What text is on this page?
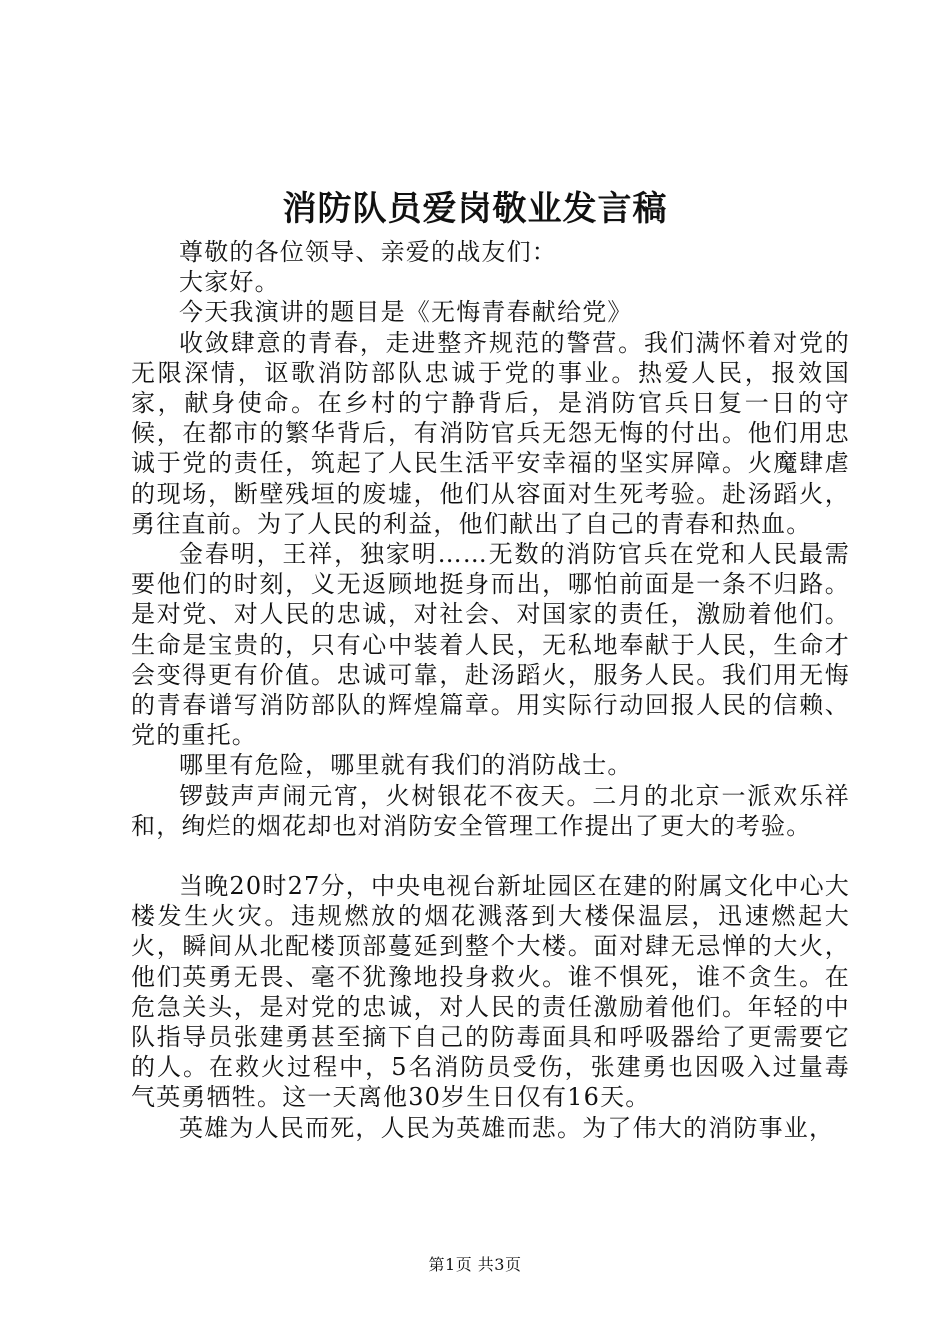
消防队员爱岗敬业发言稿

尊敬的各位领导、亲爱的战友们：

大家好。

今天我演讲的题目是《无悔青春献给党》

收敛肆意的青春，走进整齐规范的警营。我们满怀着对党的无限深情，讴歌消防部队忠诚于党的事业。热爱人民，报效国家，献身使命。在乡村的宁静背后，是消防官兵日复一日的守候，在都市的繁华背后，有消防官兵无怨无悔的付出。他们用忠诚于党的责任，筑起了人民生活平安幸福的坚实屏障。火魔肆虐的现场，断壁残垣的废墟，他们从容面对生死考验。赴汤蹈火，勇往直前。为了人民的利益，他们献出了自己的青春和热血。

金春明，王祥，独家明……无数的消防官兵在党和人民最需要他们的时刻，义无返顾地挺身而出，哪怕前面是一条不归路。是对党、对人民的忠诚，对社会、对国家的责任，激励着他们。生命是宝贵的，只有心中装着人民，无私地奉献于人民，生命才会变得更有价值。忠诚可靠，赴汤蹈火，服务人民。我们用无悔的青春谱写消防部队的辉煌篇章。用实际行动回报人民的信赖、党的重托。

哪里有危险，哪里就有我们的消防战士。

锣鼓声声闹元宵，火树银花不夜天。二月的北京一派欢乐祥和，绚烂的烟花却也对消防安全管理工作提出了更大的考验。

当晚20时27分，中央电视台新址园区在建的附属文化中心大楼发生火灾。违规燃放的烟花溅落到大楼保温层，迅速燃起大火，瞬间从北配楼顶部蔓延到整个大楼。面对肆无忌惮的大火，他们英勇无畏、毫不犹豫地投身救火。谁不惧死，谁不贪生。在危急关头，是对党的忠诚，对人民的责任激励着他们。年轻的中队指导员张建勇甚至摘下自己的防毒面具和呼吸器给了更需要它的人。在救火过程中，5名消防员受伤，张建勇也因吸入过量毒气英勇牺牲。这一天离他30岁生日仅有16天。

英雄为人民而死，人民为英雄而悲。为了伟大的消防事业，

第1页 共3页
